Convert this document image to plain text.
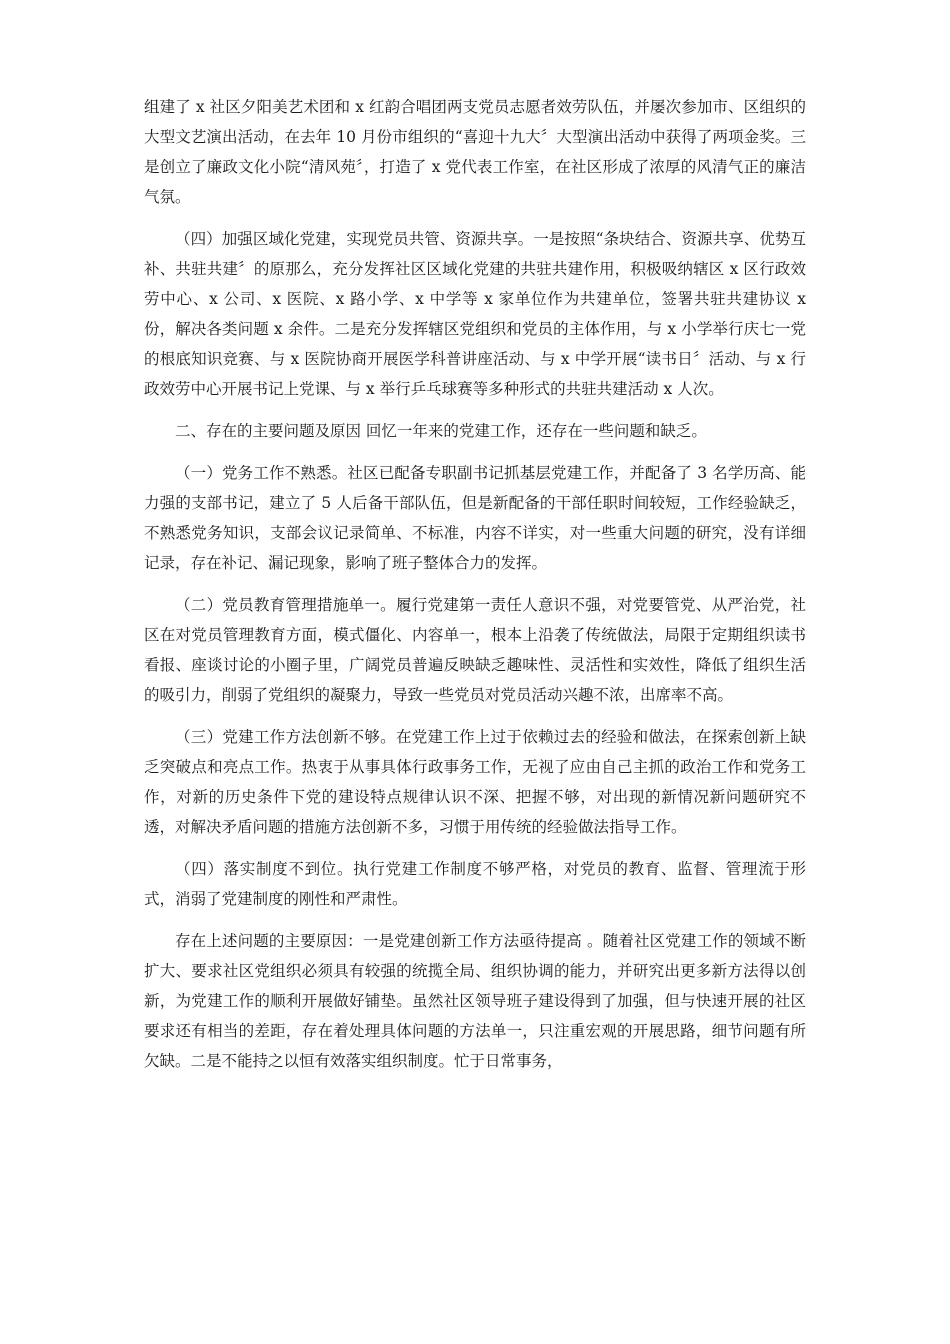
组建了 x 社区夕阳美艺术团和 x 红韵合唱团两支党员志愿者效劳队伍，并屡次参加市、区组织的大型文艺演出活动，在去年 10 月份市组织的“喜迎十九大〞大型演出活动中获得了两项金奖。三是创立了廉政文化小院“清风苑〞，打造了 x 党代表工作室，在社区形成了浓厚的风清气正的廉洁气氛。

（四）加强区域化党建，实现党员共管、资源共享。一是按照“条块结合、资源共享、优势互补、共驻共建〞的原那么，充分发挥社区区域化党建的共驻共建作用，积极吸纳辖区 x 区行政效劳中心、x 公司、x 医院、x 路小学、x 中学等 x 家单位作为共建单位，签署共驻共建协议 x 份，解决各类问题 x 余件。二是充分发挥辖区党组织和党员的主体作用，与 x 小学举行庆七一党的根底知识竞赛、与 x 医院协商开展医学科普讲座活动、与 x 中学开展“读书日〞活动、与 x 行政效劳中心开展书记上党课、与 x 举行乒乓球赛等多种形式的共驻共建活动 x 人次。

二、存在的主要问题及原因 回忆一年来的党建工作，还存在一些问题和缺乏。

（一）党务工作不熟悉。社区已配备专职副书记抓基层党建工作，并配备了 3 名学历高、能力强的支部书记，建立了 5 人后备干部队伍，但是新配备的干部任职时间较短，工作经验缺乏，不熟悉党务知识，支部会议记录简单、不标准，内容不详实，对一些重大问题的研究，没有详细记录，存在补记、漏记现象，影响了班子整体合力的发挥。

（二）党员教育管理措施单一。履行党建第一责任人意识不强，对党要管党、从严治党，社区在对党员管理教育方面，模式僵化、内容单一，根本上沿袭了传统做法，局限于定期组织读书看报、座谈讨论的小圈子里，广阔党员普遍反映缺乏趣味性、灵活性和实效性，降低了组织生活的吸引力，削弱了党组织的凝聚力，导致一些党员对党员活动兴趣不浓，出席率不高。

（三）党建工作方法创新不够。在党建工作上过于依赖过去的经验和做法，在探索创新上缺乏突破点和亮点工作。热衷于从事具体行政事务工作，无视了应由自己主抓的政治工作和党务工作，对新的历史条件下党的建设特点规律认识不深、把握不够，对出现的新情况新问题研究不透，对解决矛盾问题的措施方法创新不多，习惯于用传统的经验做法指导工作。

（四）落实制度不到位。执行党建工作制度不够严格，对党员的教育、监督、管理流于形式，消弱了党建制度的刚性和严肃性。

存在上述问题的主要原因：一是党建创新工作方法亟待提高 。随着社区党建工作的领域不断扩大、要求社区党组织必须具有较强的统揽全局、组织协调的能力，并研究出更多新方法得以创新，为党建工作的顺利开展做好铺垫。虽然社区领导班子建设得到了加强，但与快速开展的社区要求还有相当的差距，存在着处理具体问题的方法单一，只注重宏观的开展思路，细节问题有所欠缺。二是不能持之以恒有效落实组织制度。忙于日常事务，
